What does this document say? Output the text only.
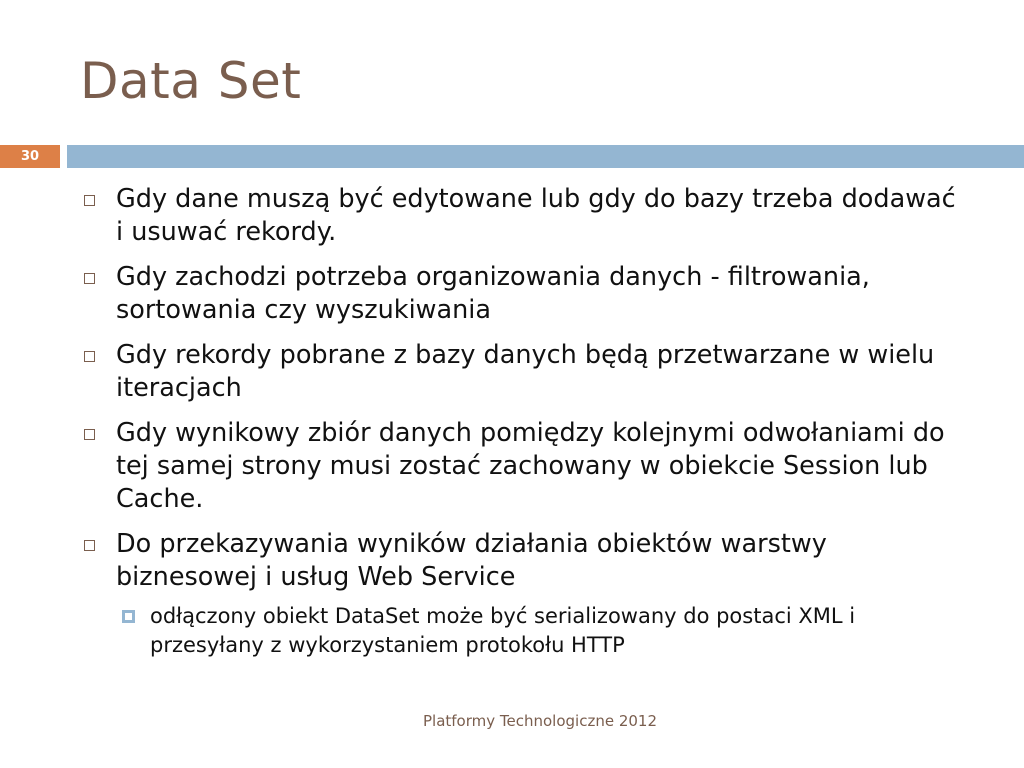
Data Set
30
Gdy dane muszą być edytowane lub gdy do bazy trzeba dodawać i usuwać rekordy.
Gdy zachodzi potrzeba organizowania danych - filtrowania, sortowania czy wyszukiwania
Gdy rekordy pobrane z bazy danych będą przetwarzane w wielu iteracjach
Gdy wynikowy zbiór danych pomiędzy kolejnymi odwołaniami do tej samej strony musi zostać zachowany w obiekcie Session lub Cache.
Do przekazywania wyników działania obiektów warstwy biznesowej i usług Web Service
odłączony obiekt DataSet może być serializowany do postaci XML i przesyłany z wykorzystaniem protokołu HTTP
Platformy Technologiczne 2012
